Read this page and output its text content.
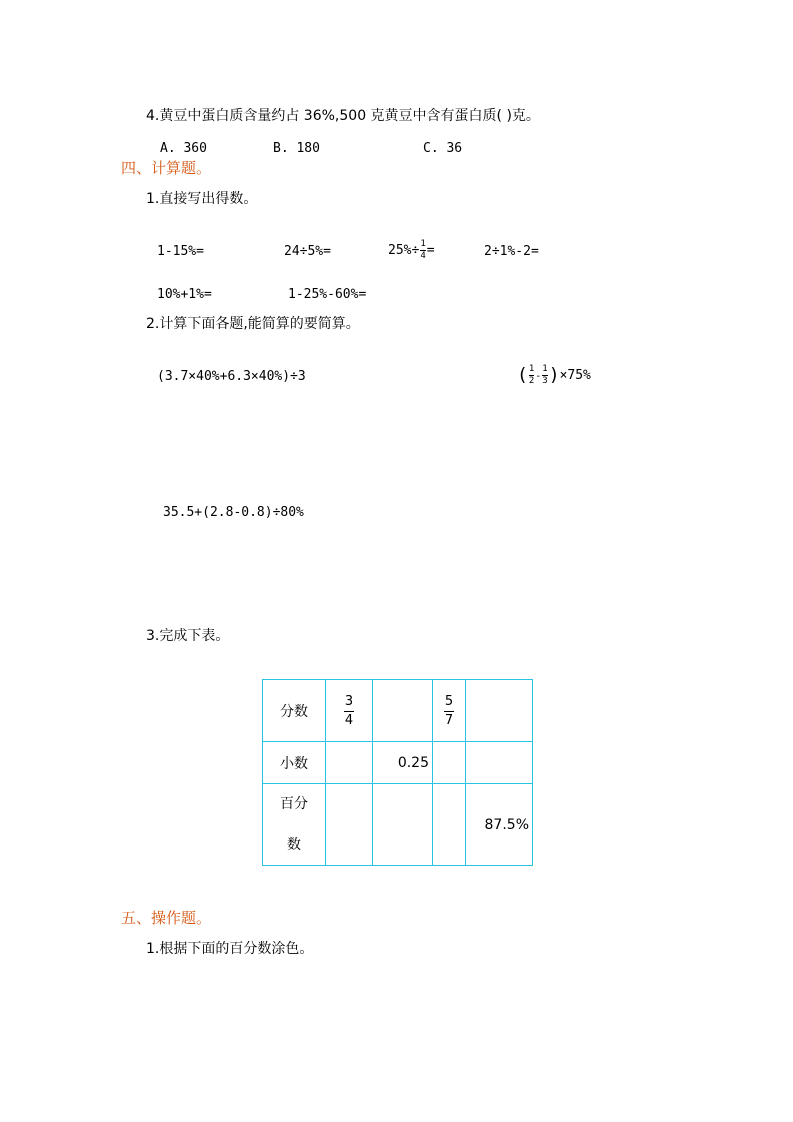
4.黄豆中蛋白质含量约占 36%,500 克黄豆中含有蛋白质( )克。
A. 360	B. 180	C. 36
四、计算题。
1.直接写出得数。
1-15%=	24÷5%=	$25\%\div \frac{1}{4}$ =	2÷1%-2=
10%+1%=	1-25%-60%=
2.计算下面各题,能简算的要简算。
(3.7×40%+6.3×40%)÷3	( $\frac{1}{2} - \frac{1}{3} )\times 75\%$
35.5+(2.8-0.8)÷80%
3.完成下表。
分数	$\frac{3}{4}$		$\frac{5}{7}$

小数		0.25		
百分
数				87.5%
五、操作题。
1.根据下面的百分数涂色。
